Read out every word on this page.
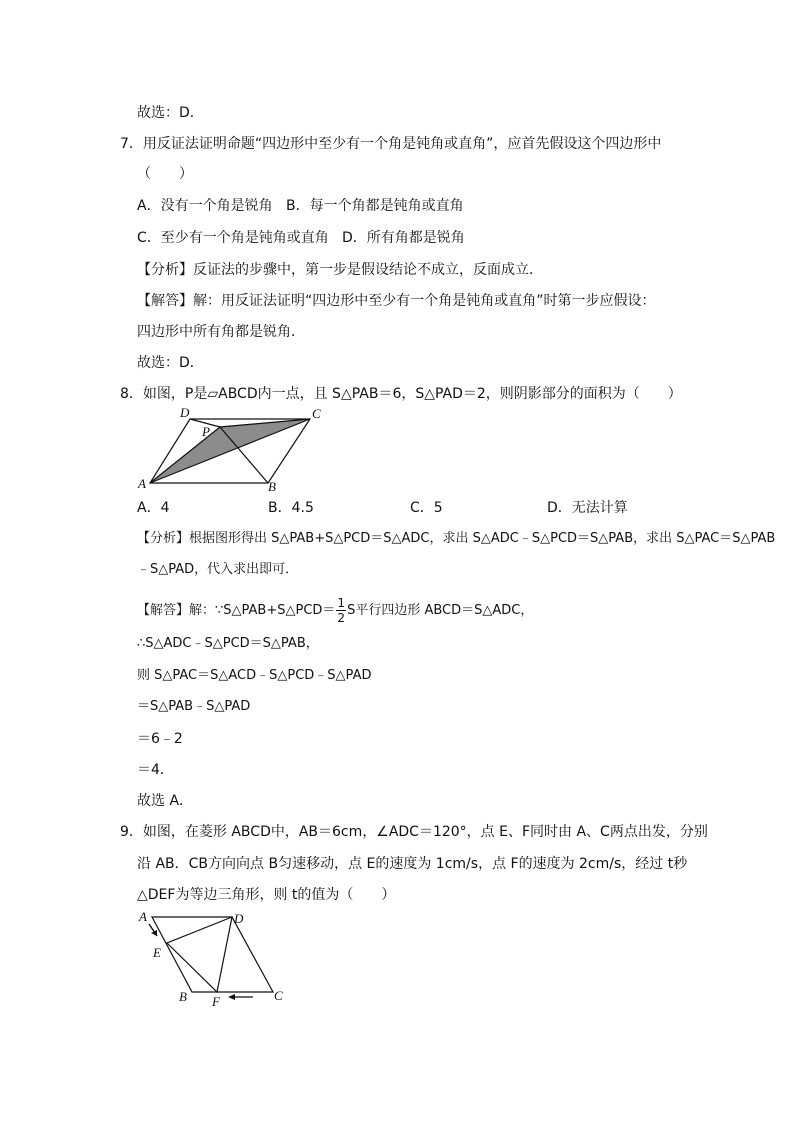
故选：D．
7．用反证法证明命题“四边形中至少有一个角是钝角或直角”，应首先假设这个四边形中
（　　）
A．没有一个角是锐角 B．每一个角都是钝角或直角
C．至少有一个角是钝角或直角 D．所有角都是锐角
【分析】反证法的步骤中，第一步是假设结论不成立，反面成立．
【解答】解：用反证法证明“四边形中至少有一个角是钝角或直角”时第一步应假设：
四边形中所有角都是锐角．
故选：D．
8．如图，P是▱ABCD内一点，且 S△PAB＝6，S△PAD＝2，则阴影部分的面积为（　　）
A	B
C
D
P
A．4	B．4.5	C．5	D．无法计算
【分析】根据图形得出 S△PAB+S△PCD＝S△ADC，求出 S△ADC﹣S△PCD＝S△PAB，求出 S△PAC＝S△PAB
﹣S△PAD，代入求出即可．
【解答】解：∵S△PAB+S△PCD＝ $\frac{1}{2}$ S平行四边形 ABCD＝S△ADC，
∴S△ADC﹣S△PCD＝S△PAB，
则 S△PAC＝S△ACD﹣S△PCD﹣S△PAD
＝S△PAB﹣S△PAD
＝6﹣2
＝4．
故选 A．
9．如图，在菱形 ABCD中，AB＝6cm，∠ADC＝120°，点 E、F同时由 A、C两点出发，分别
沿 AB．CB方向向点 B匀速移动，点 E的速度为 1cm/s，点 F的速度为 2cm/s，经过 t秒
△DEF为等边三角形，则 t的值为（　　）
A	D
E
B F	C
